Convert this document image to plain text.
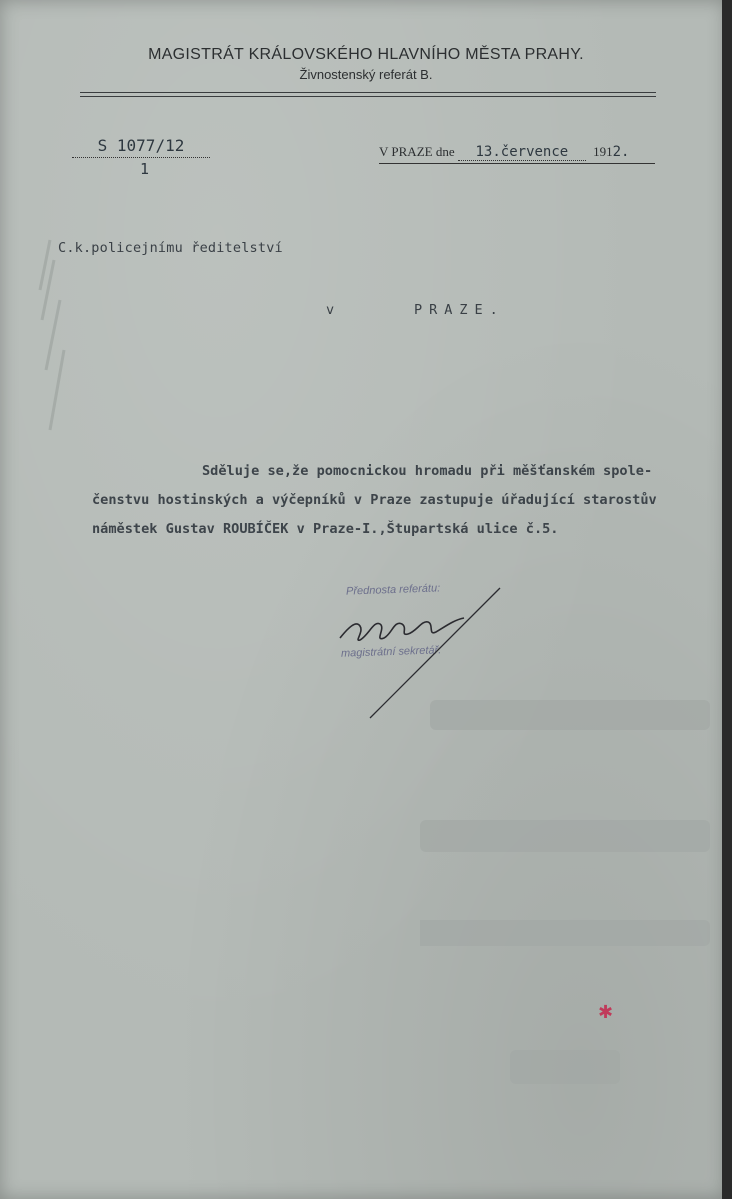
MAGISTRÁT KRÁLOVSKÉHO HLAVNÍHO MĚSTA PRAHY.
Živnostenský referát B.
S 1077/12
1
V PRAZE dne 13.července 1912.
C.k.policejnímu ředitelství
v	PRAZE.
Sděluje se,že pomocnickou hromadu při měšťanském spole-
čenstvu hostinských a výčepníků v Praze zastupuje úřadující starostův
náměstek Gustav ROUBÍČEK v Praze-I.,Štupartská ulice č.5.
Přednosta referátu:
magistrátní sekretář.
✱
